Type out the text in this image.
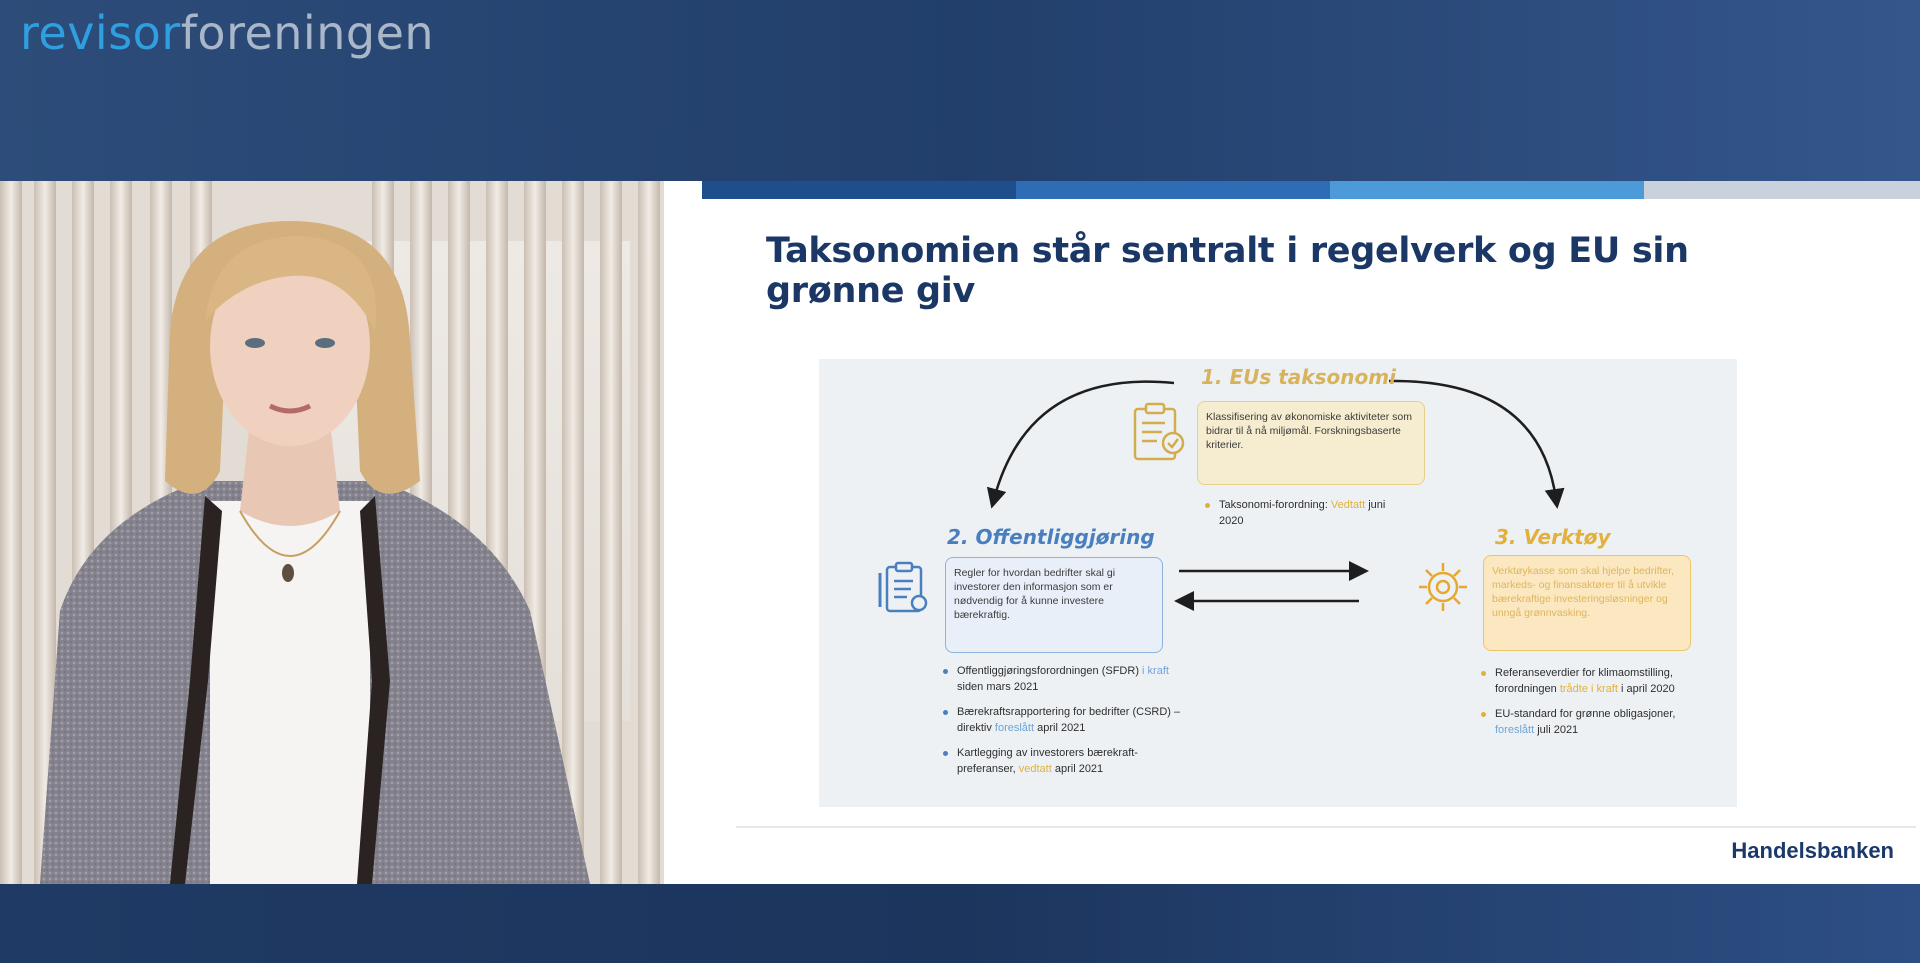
revisorforeningen
Taksonomien står sentralt i regelverk og EU sin grønne giv
1. EUs taksonomi
Klassifisering av økonomiske aktiviteter som bidrar til å nå miljømål. Forskningsbaserte kriterier.
Taksonomi-forordning: Vedtatt juni 2020
2. Offentliggjøring
Regler for hvordan bedrifter skal gi investorer den informasjon som er nødvendig for å kunne investere bærekraftig.
Offentliggjøringsforordningen (SFDR) i kraft siden mars 2021
Bærekraftsrapportering for bedrifter (CSRD) – direktiv foreslått april 2021
Kartlegging av investorers bærekraft-preferanser, vedtatt april 2021
3. Verktøy
Verktøykasse som skal hjelpe bedrifter, markeds- og finansaktører til å utvikle bærekraftige investeringsløsninger og unngå grønnvasking.
Referanseverdier for klimaomstilling, forordningen trådte i kraft i april 2020
EU-standard for grønne obligasjoner, foreslått juli 2021
Handelsbanken
